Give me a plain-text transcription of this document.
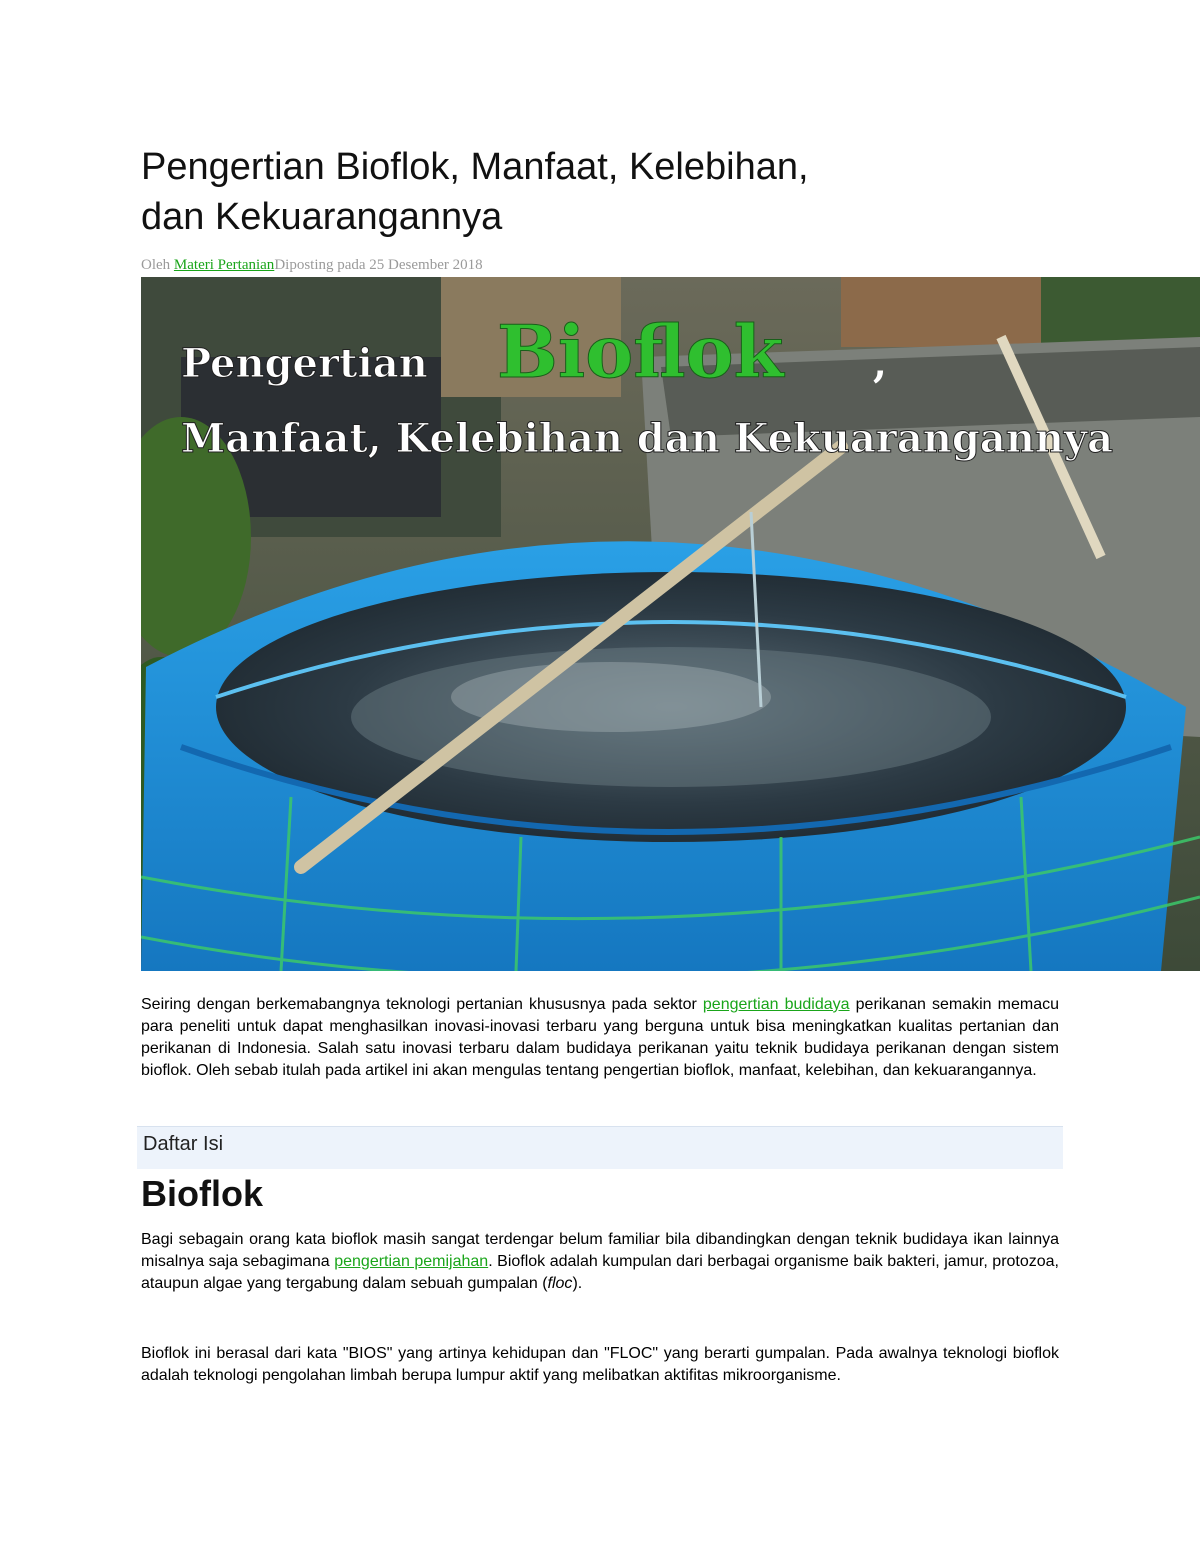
Pengertian Bioflok, Manfaat, Kelebihan,
dan Kekuarangannya
Oleh Materi PertanianDiposting pada 25 Desember 2018
Pengertian Bioflok ,
Manfaat, Kelebihan dan Kekuarangannya

Seiring dengan berkemabangnya teknologi pertanian khususnya pada sektor pengertian budidaya perikanan semakin memacu para peneliti untuk dapat menghasilkan inovasi-inovasi terbaru yang berguna untuk bisa meningkatkan kualitas pertanian dan perikanan di Indonesia. Salah satu inovasi terbaru dalam budidaya perikanan yaitu teknik budidaya perikanan dengan sistem bioflok. Oleh sebab itulah pada artikel ini akan mengulas tentang pengertian bioflok, manfaat, kelebihan, dan kekuarangannya.

Daftar Isi
Bioflok

Bagi sebagain orang kata bioflok masih sangat terdengar belum familiar bila dibandingkan dengan teknik budidaya ikan lainnya misalnya saja sebagimana pengertian pemijahan. Bioflok adalah kumpulan dari berbagai organisme baik bakteri, jamur, protozoa, ataupun algae yang tergabung dalam sebuah gumpalan (floc).

Bioflok ini berasal dari kata "BIOS" yang artinya kehidupan dan "FLOC" yang berarti gumpalan. Pada awalnya teknologi bioflok adalah teknologi pengolahan limbah berupa lumpur aktif yang melibatkan aktifitas mikroorganisme.
